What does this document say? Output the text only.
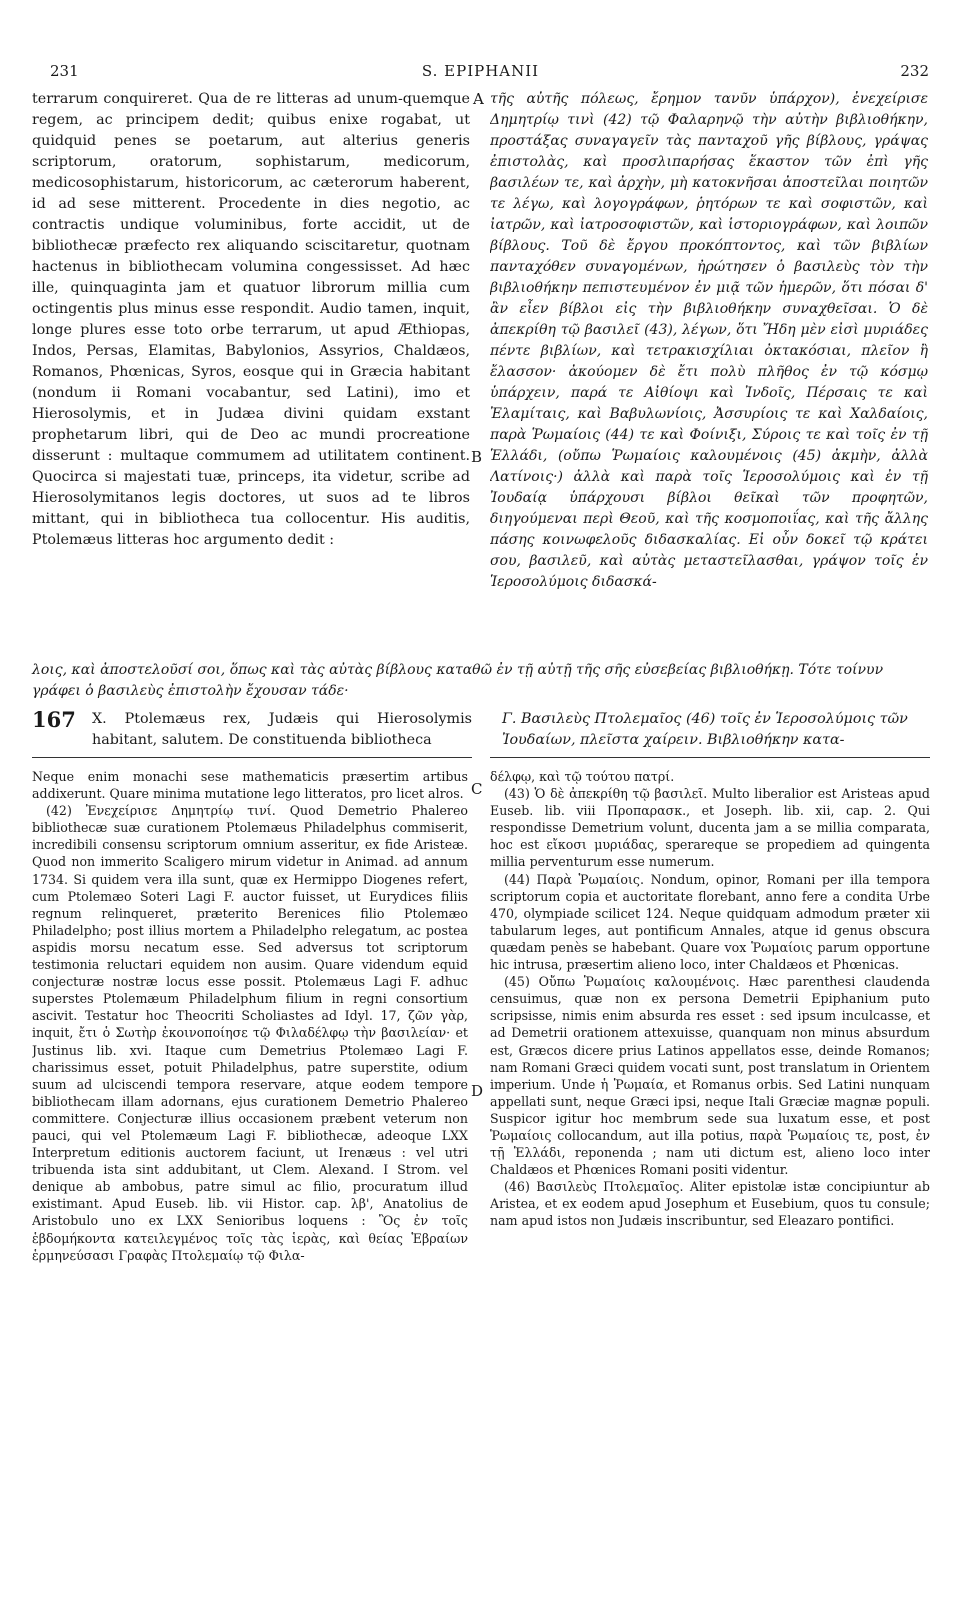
231	S. EPIPHANII	232
A
B
C
D

terrarum conquireret. Qua de re litteras ad unum-quemque regem, ac principem dedit; quibus enixe rogabat, ut quidquid penes se poetarum, aut alterius generis scriptorum, oratorum, sophistarum, medicorum, medicosophistarum, historicorum, ac cæterorum haberent, id ad sese mitterent. Procedente in dies negotio, ac contractis undique voluminibus, forte accidit, ut de bibliothecæ præfecto rex aliquando sciscitaretur, quotnam hactenus in bibliothecam volumina congessisset. Ad hæc ille, quinquaginta jam et quatuor librorum millia cum octingentis plus minus esse respondit. Audio tamen, inquit, longe plures esse toto orbe terrarum, ut apud Æthiopas, Indos, Persas, Elamitas, Babylonios, Assyrios, Chaldæos, Romanos, Phœnicas, Syros, eosque qui in Græcia habitant (nondum ii Romani vocabantur, sed Latini), imo et Hierosolymis, et in Judæa divini quidam exstant prophetarum libri, qui de Deo ac mundi procreatione disserunt : multaque commumem ad utilitatem continent. Quocirca si majestati tuæ, princeps, ita videtur, scribe ad Hierosolymitanos legis doctores, ut suos ad te libros mittant, qui in bibliotheca tua collocentur. His auditis, Ptolemæus litteras hoc argumento dedit :

τῆς αὐτῆς πόλεως, ἔρημον τανῦν ὑπάρχον), ἐνεχείρισε Δημητρίῳ τινὶ (42) τῷ Φαλαρηνῷ τὴν αὐτὴν βιβλιοθήκην, προστάξας συναγαγεῖν τὰς πανταχοῦ γῆς βίβλους, γράψας ἐπιστολὰς, καὶ προσλιπαρήσας ἕκαστον τῶν ἐπὶ γῆς βασιλέων τε, καὶ ἀρχὴν, μὴ κατοκνῆσαι ἀποστεῖλαι ποιητῶν τε λέγω, καὶ λογογράφων, ῥητόρων τε καὶ σοφιστῶν, καὶ ἰατρῶν, καὶ ἰατροσοφιστῶν, καὶ ἱστοριογράφων, καὶ λοιπῶν βίβλους. Τοῦ δὲ ἔργου προκόπτοντος, καὶ τῶν βιβλίων πανταχόθεν συναγομένων, ἠρώτησεν ὁ βασιλεὺς τὸν τὴν βιβλιοθήκην πεπιστευμένον ἐν μιᾷ τῶν ἡμερῶν, ὅτι πόσαι δ' ἂν εἶεν βίβλοι εἰς τὴν βιβλιοθήκην συναχθεῖσαι. Ὁ δὲ ἀπεκρίθη τῷ βασιλεῖ (43), λέγων, ὅτι Ἤδη μὲν εἰσὶ μυριάδες πέντε βιβλίων, καὶ τετρακισχίλιαι ὀκτακόσιαι, πλεῖον ἢ ἔλασσον· ἀκούομεν δὲ ἔτι πολὺ πλῆθος ἐν τῷ κόσμῳ ὑπάρχειν, παρά τε Αἰθίοψι καὶ Ἰνδοῖς, Πέρσαις τε καὶ Ἐλαμίταις, καὶ Βαβυλωνίοις, Ἀσσυρίοις τε καὶ Χαλδαίοις, παρὰ Ῥωμαίοις (44) τε καὶ Φοίνιξι, Σύροις τε καὶ τοῖς ἐν τῇ Ἑλλάδι, (οὔπω Ῥωμαίοις καλουμένοις (45) ἀκμὴν, ἀλλὰ Λατίνοις·) ἀλλὰ καὶ παρὰ τοῖς Ἱεροσολύμοις καὶ ἐν τῇ Ἰουδαίᾳ ὑπάρχουσι βίβλοι θεῖκαὶ τῶν προφητῶν, διηγούμεναι περὶ Θεοῦ, καὶ τῆς κοσμοποιΐας, καὶ τῆς ἄλλης πάσης κοινωφελοῦς διδασκαλίας. Εἰ οὖν δοκεῖ τῷ κράτει σου, βασιλεῦ, καὶ αὐτὰς μεταστεῖλασθαι, γράψον τοῖς ἐν Ἱεροσολύμοις διδασκά-

λοις, καὶ ἀποστελοῦσί σοι, ὅπως καὶ τὰς αὐτὰς βίβλους καταθῶ ἐν τῇ αὐτῇ τῆς σῆς εὐσεβείας βιβλιοθήκῃ. Τότε τοίνυν γράφει ὁ βασιλεὺς ἐπιστολὴν ἔχουσαν τάδε·
167 X. Ptolemæus rex, Judæis qui Hierosolymis habitant, salutem. De constituenda bibliotheca
Γ. Βασιλεὺς Πτολεμαῖος (46) τοῖς ἐν Ἱεροσολύμοις τῶν Ἰουδαίων, πλεῖστα χαίρειν. Βιβλιοθήκην κατα-

Neque enim monachi sese mathematicis præsertim artibus addixerunt. Quare minima mutatione lego litteratos, pro licet alros.

(42) Ἐνεχείρισε Δημητρίῳ τινί. Quod Demetrio Phalereo bibliothecæ suæ curationem Ptolemæus Philadelphus commiserit, incredibili consensu scriptorum omnium asseritur, ex fide Aristeæ. Quod non immerito Scaligero mirum videtur in Animad. ad annum 1734. Si quidem vera illa sunt, quæ ex Hermippo Diogenes refert, cum Ptolemæo Soteri Lagi F. auctor fuisset, ut Eurydices filiis regnum relinqueret, præterito Berenices filio Ptolemæo Philadelpho; post illius mortem a Philadelpho relegatum, ac postea aspidis morsu necatum esse. Sed adversus tot scriptorum testimonia reluctari equidem non ausim. Quare videndum equid conjecturæ nostræ locus esse possit. Ptolemæus Lagi F. adhuc superstes Ptolemæum Philadelphum filium in regni consortium ascivit. Testatur hoc Theocriti Scholiastes ad Idyl. 17, ζῶν γὰρ, inquit, ἔτι ὁ Σωτὴρ ἐκοινοποίησε τῷ Φιλαδέλφῳ τὴν βασιλείαν· et Justinus lib. xvi. Itaque cum Demetrius Ptolemæo Lagi F. charissimus esset, potuit Philadelphus, patre superstite, odium suum ad ulciscendi tempora reservare, atque eodem tempore bibliothecam illam adornans, ejus curationem Demetrio Phalereo committere. Conjecturæ illius occasionem præbent veterum non pauci, qui vel Ptolemæum Lagi F. bibliothecæ, adeoque LXX Interpretum editionis auctorem faciunt, ut Irenæus : vel utri tribuenda ista sint addubitant, ut Clem. Alexand. I Strom. vel denique ab ambobus, patre simul ac filio, procuratum illud existimant. Apud Euseb. lib. vii Histor. cap. λβ', Anatolius de Aristobulo uno ex LXX Senioribus loquens : Ὃς ἐν τοῖς ἑβδομήκοντα κατειλεγμένος τοῖς τὰς ἱερὰς, καὶ θείας Ἑβραίων ἑρμηνεύσασι Γραφὰς Πτολεμαίῳ τῷ Φιλα-

δέλφῳ, καὶ τῷ τούτου πατρί.

(43) Ὁ δὲ ἀπεκρίθη τῷ βασιλεῖ. Multo liberalior est Aristeas apud Euseb. lib. viii Προπαρασκ., et Joseph. lib. xii, cap. 2. Qui respondisse Demetrium volunt, ducenta jam a se millia comparata, hoc est εἴκοσι μυριάδας, sperareque se propediem ad quingenta millia perventurum esse numerum.

(44) Παρὰ Ῥωμαίοις. Nondum, opinor, Romani per illa tempora scriptorum copia et auctoritate florebant, anno fere a condita Urbe 470, olympiade scilicet 124. Neque quidquam admodum præter xii tabularum leges, aut pontificum Annales, atque id genus obscura quædam penès se habebant. Quare vox Ῥωμαίοις parum opportune hic intrusa, præsertim alieno loco, inter Chaldæos et Phœnicas.

(45) Οὔπω Ῥωμαίοις καλουμένοις. Hæc parenthesi claudenda censuimus, quæ non ex persona Demetrii Epiphanium puto scripsisse, nimis enim absurda res esset : sed ipsum inculcasse, et ad Demetrii orationem attexuisse, quanquam non minus absurdum est, Græcos dicere prius Latinos appellatos esse, deinde Romanos; nam Romani Græci quidem vocati sunt, post translatum in Orientem imperium. Unde ἡ Ῥωμαία, et Romanus orbis. Sed Latini nunquam appellati sunt, neque Græci ipsi, neque Itali Græciæ magnæ populi. Suspicor igitur hoc membrum sede sua luxatum esse, et post Ῥωμαίοις collocandum, aut illa potius, παρὰ Ῥωμαίοις τε, post, ἐν τῇ Ἑλλάδι, reponenda ; nam uti dictum est, alieno loco inter Chaldæos et Phœnices Romani positi videntur.

(46) Βασιλεὺς Πτολεμαῖος. Aliter epistolæ istæ concipiuntur ab Aristea, et ex eodem apud Josephum et Eusebium, quos tu consule; nam apud istos non Judæis inscribuntur, sed Eleazaro pontifici.
